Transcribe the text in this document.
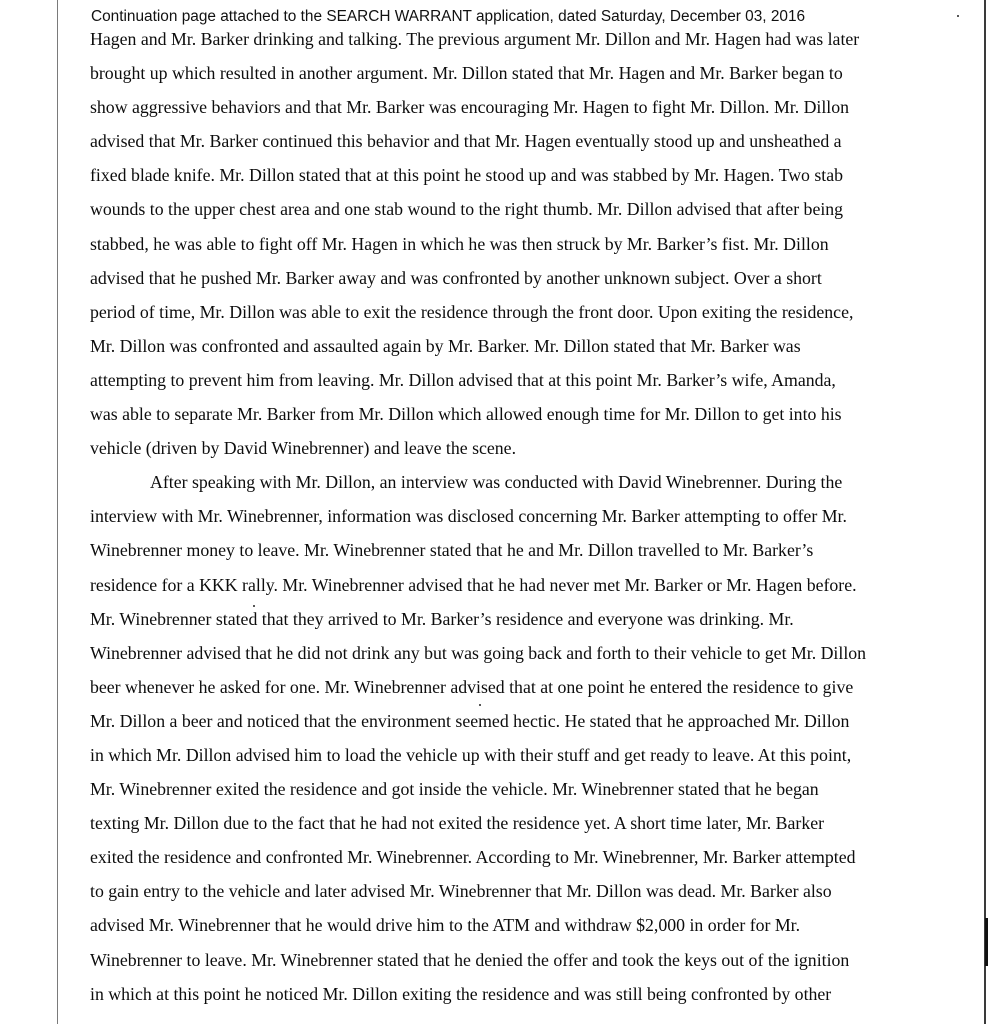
Continuation page attached to the SEARCH WARRANT application, dated Saturday, December 03, 2016
Hagen and Mr. Barker drinking and talking. The previous argument Mr. Dillon and Mr. Hagen had was later
brought up which resulted in another argument. Mr. Dillon stated that Mr. Hagen and Mr. Barker began to
show aggressive behaviors and that Mr. Barker was encouraging Mr. Hagen to fight Mr. Dillon. Mr. Dillon
advised that Mr. Barker continued this behavior and that Mr. Hagen eventually stood up and unsheathed a
fixed blade knife. Mr. Dillon stated that at this point he stood up and was stabbed by Mr. Hagen. Two stab
wounds to the upper chest area and one stab wound to the right thumb. Mr. Dillon advised that after being
stabbed, he was able to fight off Mr. Hagen in which he was then struck by Mr. Barker’s fist. Mr. Dillon
advised that he pushed Mr. Barker away and was confronted by another unknown subject. Over a short
period of time, Mr. Dillon was able to exit the residence through the front door. Upon exiting the residence,
Mr. Dillon was confronted and assaulted again by Mr. Barker. Mr. Dillon stated that Mr. Barker was
attempting to prevent him from leaving. Mr. Dillon advised that at this point Mr. Barker’s wife, Amanda,
was able to separate Mr. Barker from Mr. Dillon which allowed enough time for Mr. Dillon to get into his
vehicle (driven by David Winebrenner) and leave the scene.
After speaking with Mr. Dillon, an interview was conducted with David Winebrenner. During the
interview with Mr. Winebrenner, information was disclosed concerning Mr. Barker attempting to offer Mr.
Winebrenner money to leave. Mr. Winebrenner stated that he and Mr. Dillon travelled to Mr. Barker’s
residence for a KKK rally. Mr. Winebrenner advised that he had never met Mr. Barker or Mr. Hagen before.
Mr. Winebrenner stated that they arrived to Mr. Barker’s residence and everyone was drinking. Mr.
Winebrenner advised that he did not drink any but was going back and forth to their vehicle to get Mr. Dillon
beer whenever he asked for one. Mr. Winebrenner advised that at one point he entered the residence to give
Mr. Dillon a beer and noticed that the environment seemed hectic. He stated that he approached Mr. Dillon
in which Mr. Dillon advised him to load the vehicle up with their stuff and get ready to leave. At this point,
Mr. Winebrenner exited the residence and got inside the vehicle. Mr. Winebrenner stated that he began
texting Mr. Dillon due to the fact that he had not exited the residence yet. A short time later, Mr. Barker
exited the residence and confronted Mr. Winebrenner. According to Mr. Winebrenner, Mr. Barker attempted
to gain entry to the vehicle and later advised Mr. Winebrenner that Mr. Dillon was dead. Mr. Barker also
advised Mr. Winebrenner that he would drive him to the ATM and withdraw $2,000 in order for Mr.
Winebrenner to leave. Mr. Winebrenner stated that he denied the offer and took the keys out of the ignition
in which at this point he noticed Mr. Dillon exiting the residence and was still being confronted by other
